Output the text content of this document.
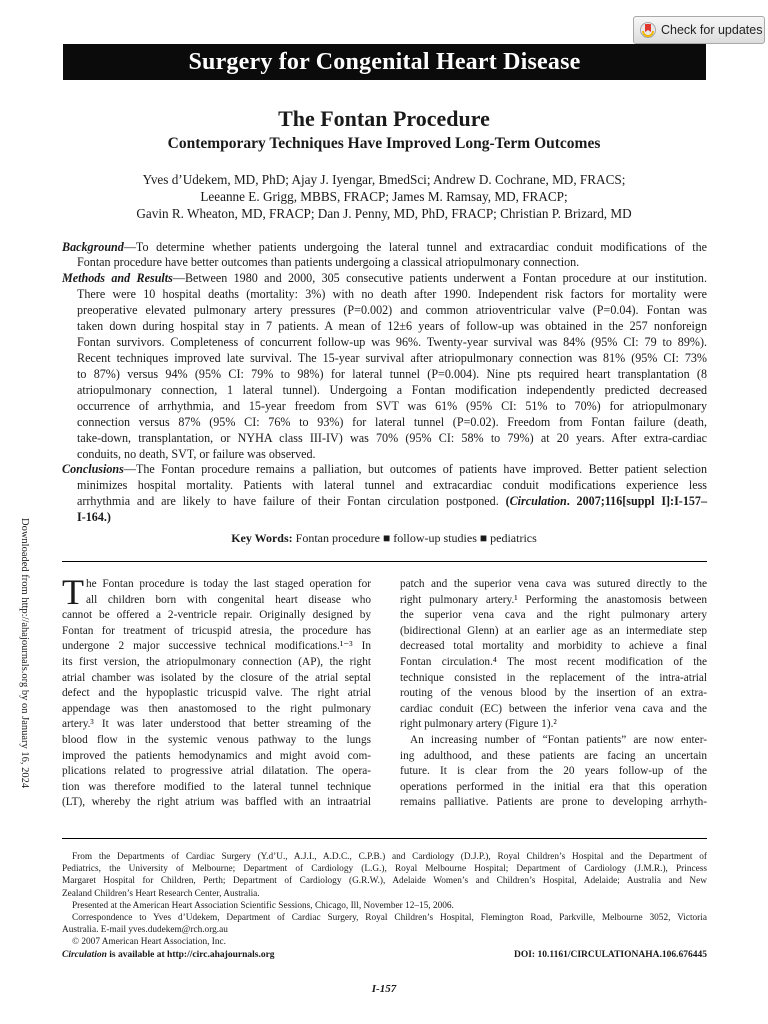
Check for updates
Surgery for Congenital Heart Disease
The Fontan Procedure
Contemporary Techniques Have Improved Long-Term Outcomes
Yves d’Udekem, MD, PhD; Ajay J. Iyengar, BmedSci; Andrew D. Cochrane, MD, FRACS;
Leeanne E. Grigg, MBBS, FRACP; James M. Ramsay, MD, FRACP;
Gavin R. Wheaton, MD, FRACP; Dan J. Penny, MD, PhD, FRACP; Christian P. Brizard, MD
Background—To determine whether patients undergoing the lateral tunnel and extracardiac conduit modifications of the
Fontan procedure have better outcomes than patients undergoing a classical atriopulmonary connection.
Methods and Results—Between 1980 and 2000, 305 consecutive patients underwent a Fontan procedure at our institution.
There were 10 hospital deaths (mortality: 3%) with no death after 1990. Independent risk factors for mortality were
preoperative elevated pulmonary artery pressures (P=0.002) and common atrioventricular valve (P=0.04). Fontan was
taken down during hospital stay in 7 patients. A mean of 12±6 years of follow-up was obtained in the 257 nonforeign
Fontan survivors. Completeness of concurrent follow-up was 96%. Twenty-year survival was 84% (95% CI: 79 to 89%).
Recent techniques improved late survival. The 15-year survival after atriopulmonary connection was 81% (95% CI: 73%
to 87%) versus 94% (95% CI: 79% to 98%) for lateral tunnel (P=0.004). Nine pts required heart transplantation (8
atriopulmonary connection, 1 lateral tunnel). Undergoing a Fontan modification independently predicted decreased
occurrence of arrhythmia, and 15-year freedom from SVT was 61% (95% CI: 51% to 70%) for atriopulmonary
connection versus 87% (95% CI: 76% to 93%) for lateral tunnel (P=0.02). Freedom from Fontan failure (death,
take-down, transplantation, or NYHA class III-IV) was 70% (95% CI: 58% to 79%) at 20 years. After extra-cardiac
conduits, no death, SVT, or failure was observed.
Conclusions—The Fontan procedure remains a palliation, but outcomes of patients have improved. Better patient selection
minimizes hospital mortality. Patients with lateral tunnel and extracardiac conduit modifications experience less
arrhythmia and are likely to have failure of their Fontan circulation postponed. (Circulation. 2007;116[suppl I]:I-157–
I-164.)
Key Words: Fontan procedure ■ follow-up studies ■ pediatrics
Downloaded from http://ahajournals.org by on January 16, 2024 T he Fontan procedure is today the last staged operation for
all children born with congenital heart disease who
cannot be offered a 2-ventricle repair. Originally designed by
Fontan for treatment of tricuspid atresia, the procedure has
undergone 2 major successive technical modifications.¹⁻³ In
its first version, the atriopulmonary connection (AP), the right
atrial chamber was isolated by the closure of the atrial septal
defect and the hypoplastic tricuspid valve. The right atrial
appendage was then anastomosed to the right pulmonary
artery.³ It was later understood that better streaming of the
blood flow in the systemic venous pathway to the lungs
improved the patients hemodynamics and might avoid com-
plications related to progressive atrial dilatation. The opera-
tion was therefore modified to the lateral tunnel technique
(LT), whereby the right atrium was baffled with an intraatrial
patch and the superior vena cava was sutured directly to the
right pulmonary artery.¹ Performing the anastomosis between
the superior vena cava and the right pulmonary artery
(bidirectional Glenn) at an earlier age as an intermediate step
decreased total mortality and morbidity to achieve a final
Fontan circulation.⁴ The most recent modification of the
technique consisted in the replacement of the intra-atrial
routing of the venous blood by the insertion of an extra-
cardiac conduit (EC) between the inferior vena cava and the
right pulmonary artery (Figure 1).²
An increasing number of “Fontan patients” are now enter-
ing adulthood, and these patients are facing an uncertain
future. It is clear from the 20 years follow-up of the
operations performed in the initial era that this operation
remains palliative. Patients are prone to developing arrhyth-
From the Departments of Cardiac Surgery (Y.d’U., A.J.I., A.D.C., C.P.B.) and Cardiology (D.J.P.), Royal Children’s Hospital and the Department of
Pediatrics, the University of Melbourne; Department of Cardiology (L.G.), Royal Melbourne Hospital; Department of Cardiology (J.M.R.), Princess
Margaret Hospital for Children, Perth; Department of Cardiology (G.R.W.), Adelaide Women’s and Children’s Hospital, Adelaide; Australia and New
Zealand Children’s Heart Research Center, Australia.
Presented at the American Heart Association Scientific Sessions, Chicago, Ill, November 12–15, 2006.
Correspondence to Yves d’Udekem, Department of Cardiac Surgery, Royal Children’s Hospital, Flemington Road, Parkville, Melbourne 3052, Victoria
Australia. E-mail yves.dudekem@rch.org.au
© 2007 American Heart Association, Inc.
Circulation is available at http://circ.ahajournals.org	DOI: 10.1161/CIRCULATIONAHA.106.676445
I-157
